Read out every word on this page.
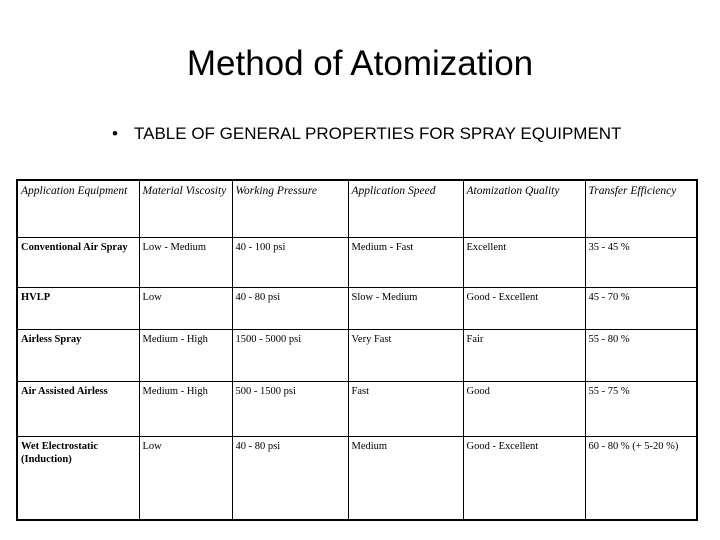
Method of Atomization
• TABLE OF GENERAL PROPERTIES FOR SPRAY EQUIPMENT
Application Equipment	Material Viscosity	Working Pressure	Application Speed	Atomization Quality	Transfer Efficiency
Conventional Air Spray	Low - Medium	40 - 100 psi	Medium - Fast	Excellent	35 - 45 %
HVLP	Low	40 - 80 psi	Slow - Medium	Good - Excellent	45 - 70 %
Airless Spray	Medium - High	1500 - 5000 psi	Very Fast	Fair	55 - 80 %
Air Assisted Airless	Medium - High	500 - 1500 psi	Fast	Good	55 - 75 %
Wet Electrostatic (Induction)	Low	40 - 80 psi	Medium	Good - Excellent	60 - 80 % (+ 5-20 %)
